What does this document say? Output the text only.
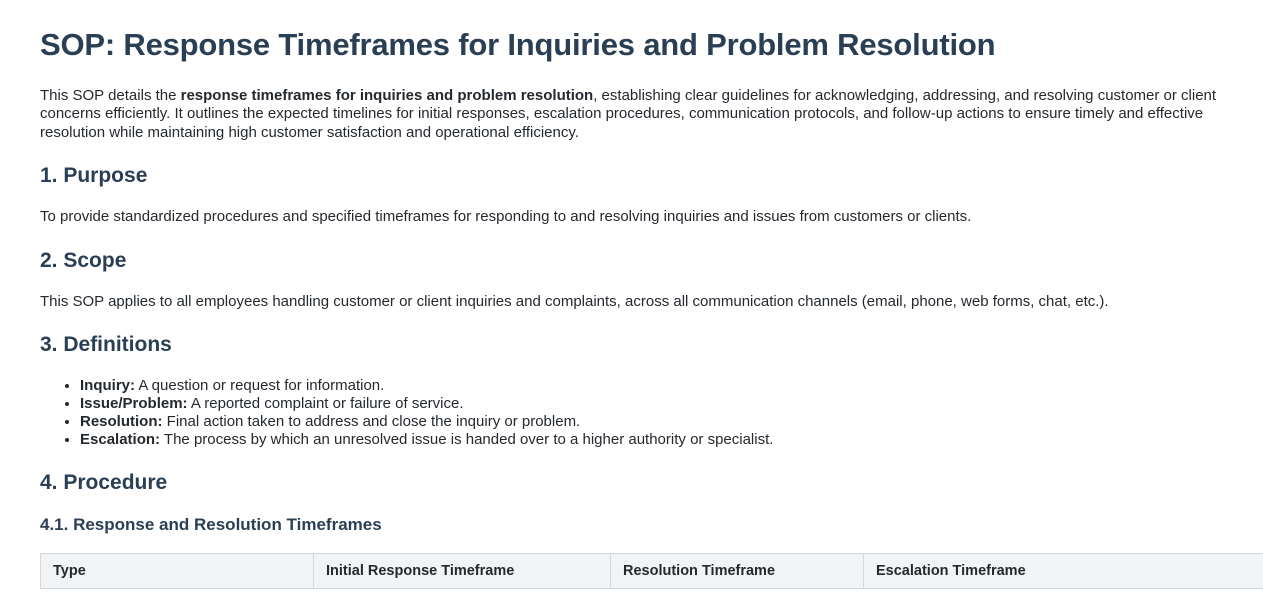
SOP: Response Timeframes for Inquiries and Problem Resolution

This SOP details the response timeframes for inquiries and problem resolution, establishing clear guidelines for acknowledging, addressing, and resolving customer or client concerns efficiently. It outlines the expected timelines for initial responses, escalation procedures, communication protocols, and follow-up actions to ensure timely and effective resolution while maintaining high customer satisfaction and operational efficiency.

1. Purpose

To provide standardized procedures and specified timeframes for responding to and resolving inquiries and issues from customers or clients.

2. Scope

This SOP applies to all employees handling customer or client inquiries and complaints, across all communication channels (email, phone, web forms, chat, etc.).

3. Definitions
• Inquiry: A question or request for information.
• Issue/Problem: A reported complaint or failure of service.
• Resolution: Final action taken to address and close the inquiry or problem.
• Escalation: The process by which an unresolved issue is handed over to a higher authority or specialist.
4. Procedure
4.1. Response and Resolution Timeframes
Type	Initial Response Timeframe	Resolution Timeframe	Escalation Timeframe
